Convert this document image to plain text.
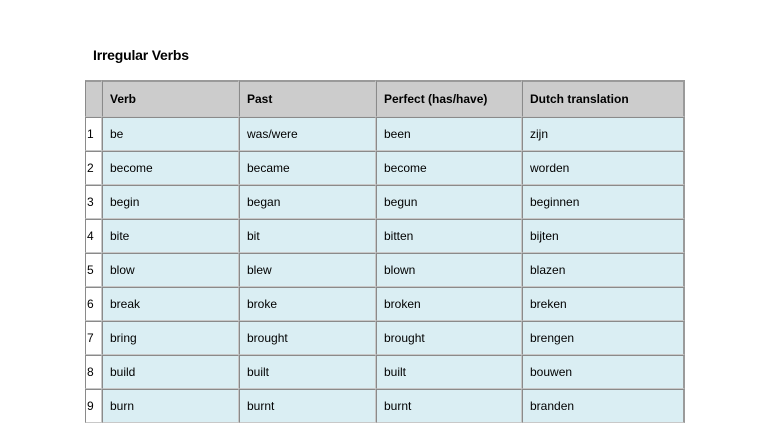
Irregular Verbs
	Verb	Past	Perfect (has/have)	Dutch translation
1	be	was/were	been	zijn
2	become	became	become	worden
3	begin	began	begun	beginnen
4	bite	bit	bitten	bijten
5	blow	blew	blown	blazen
6	break	broke	broken	breken
7	bring	brought	brought	brengen
8	build	built	built	bouwen
9	burn	burnt	burnt	branden
